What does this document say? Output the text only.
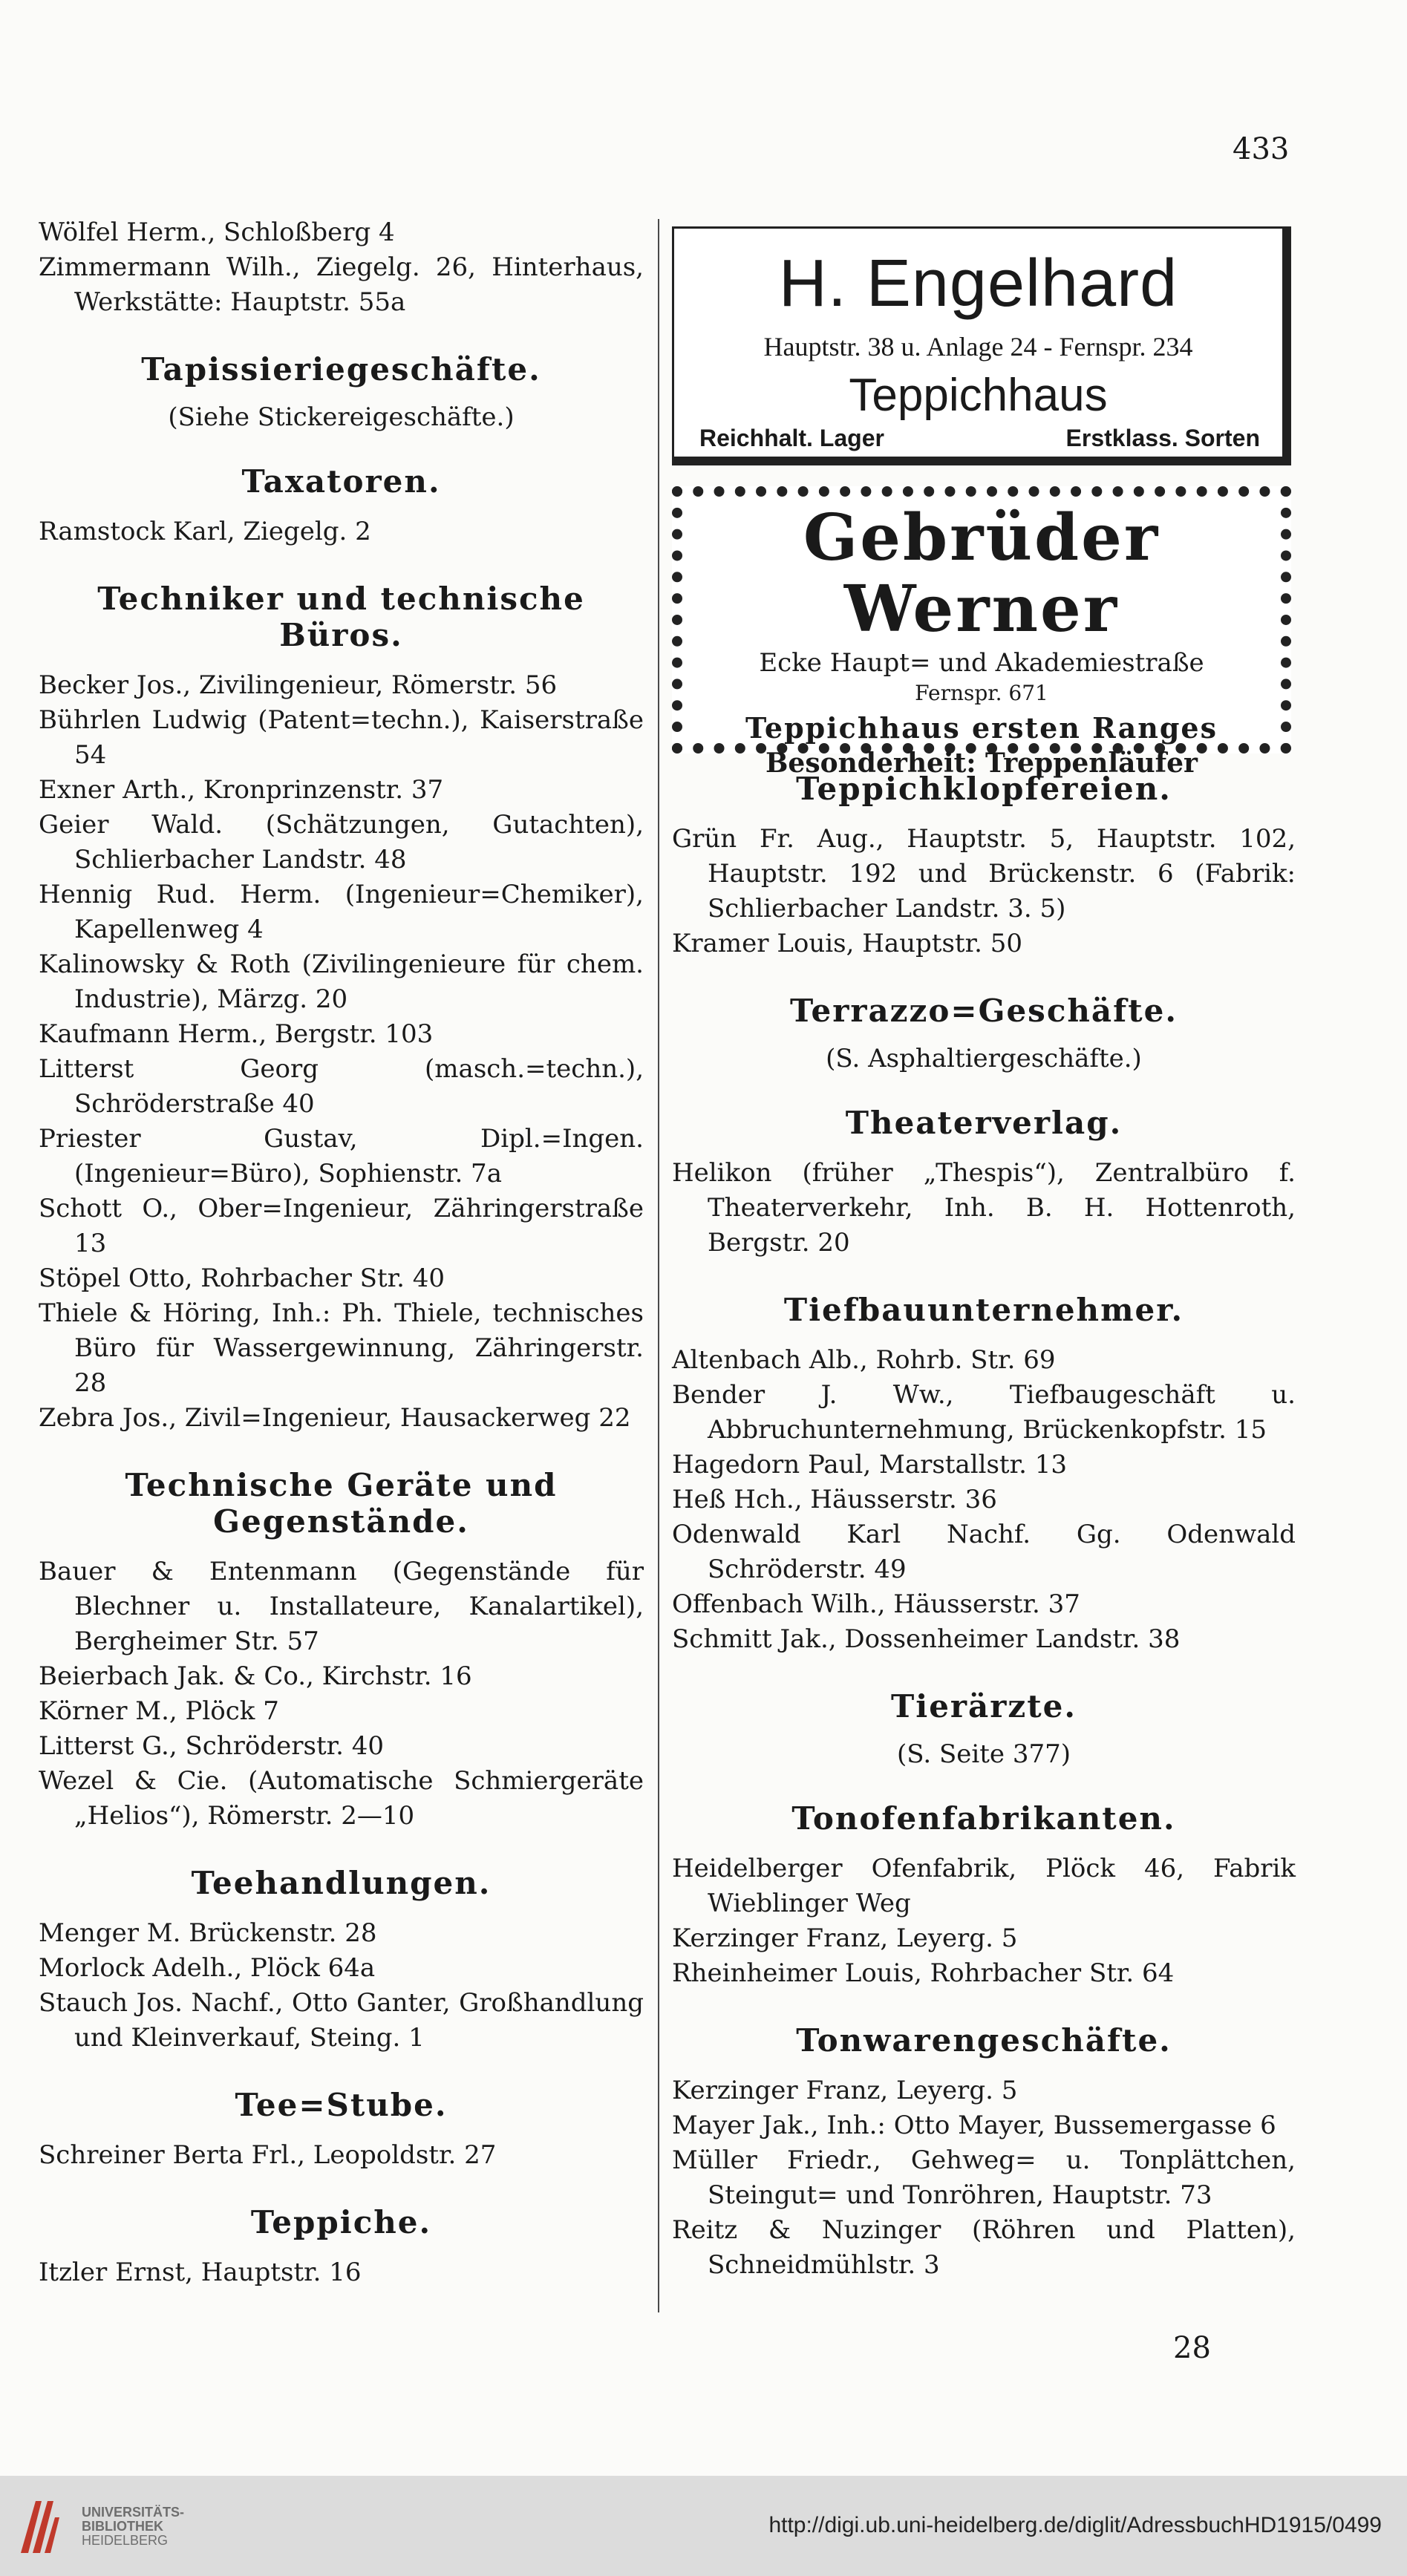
433

Wölfel Herm., Schloßberg 4

Zimmermann Wilh., Ziegelg. 26, Hinterhaus, Werkstätte: Hauptstr. 55a

Tapissieriegeschäfte.
(Siehe Stickereigeschäfte.)
Taxatoren.

Ramstock Karl, Ziegelg. 2

Techniker und technische Büros.

Becker Jos., Zivilingenieur, Römerstr. 56

Bührlen Ludwig (Patent=techn.), Kaiserstraße 54

Exner Arth., Kronprinzenstr. 37

Geier Wald. (Schätzungen, Gutachten), Schlierbacher Landstr. 48

Hennig Rud. Herm. (Ingenieur=Chemiker), Kapellenweg 4

Kalinowsky & Roth (Zivilingenieure für chem. Industrie), Märzg. 20

Kaufmann Herm., Bergstr. 103

Litterst Georg (masch.=techn.), Schröderstraße 40

Priester Gustav, Dipl.=Ingen. (Ingenieur=Büro), Sophienstr. 7a

Schott O., Ober=Ingenieur, Zähringerstraße 13

Stöpel Otto, Rohrbacher Str. 40

Thiele & Höring, Inh.: Ph. Thiele, technisches Büro für Wassergewinnung, Zähringerstr. 28

Zebra Jos., Zivil=Ingenieur, Hausackerweg 22

Technische Geräte und Gegenstände.

Bauer & Entenmann (Gegenstände für Blechner u. Installateure, Kanalartikel), Bergheimer Str. 57

Beierbach Jak. & Co., Kirchstr. 16

Körner M., Plöck 7

Litterst G., Schröderstr. 40

Wezel & Cie. (Automatische Schmiergeräte „Helios“), Römerstr. 2—10

Teehandlungen.

Menger M. Brückenstr. 28

Morlock Adelh., Plöck 64a

Stauch Jos. Nachf., Otto Ganter, Großhandlung und Kleinverkauf, Steing. 1

Tee=Stube.

Schreiner Berta Frl., Leopoldstr. 27

Teppiche.

Itzler Ernst, Hauptstr. 16

H. Engelhard
Hauptstr. 38 u. Anlage 24 - Fernspr. 234
Teppichhaus
Reichhalt. Lager	Erstklass. Sorten
Gebrüder Werner
Ecke Haupt= und Akademiestraße
Fernspr. 671
Teppichhaus ersten Ranges
Besonderheit: Treppenläufer
Teppichklopfereien.

Grün Fr. Aug., Hauptstr. 5, Hauptstr. 102, Hauptstr. 192 und Brückenstr. 6 (Fabrik: Schlierbacher Landstr. 3. 5)

Kramer Louis, Hauptstr. 50

Terrazzo=Geschäfte.
(S. Asphaltiergeschäfte.)
Theaterverlag.

Helikon (früher „Thespis“), Zentralbüro f. Theaterverkehr, Inh. B. H. Hottenroth, Bergstr. 20

Tiefbauunternehmer.

Altenbach Alb., Rohrb. Str. 69

Bender J. Ww., Tiefbaugeschäft u. Abbruchunternehmung, Brückenkopfstr. 15

Hagedorn Paul, Marstallstr. 13

Heß Hch., Häusserstr. 36

Odenwald Karl Nachf. Gg. Odenwald Schröderstr. 49

Offenbach Wilh., Häusserstr. 37

Schmitt Jak., Dossenheimer Landstr. 38

Tierärzte.
(S. Seite 377)
Tonofenfabrikanten.

Heidelberger Ofenfabrik, Plöck 46, Fabrik Wieblinger Weg

Kerzinger Franz, Leyerg. 5

Rheinheimer Louis, Rohrbacher Str. 64

Tonwarengeschäfte.

Kerzinger Franz, Leyerg. 5

Mayer Jak., Inh.: Otto Mayer, Bussemergasse 6

Müller Friedr., Gehweg= u. Tonplättchen, Steingut= und Tonröhren, Hauptstr. 73

Reitz & Nuzinger (Röhren und Platten), Schneidmühlstr. 3

28
UNIVERSITÄTS-
BIBLIOTHEK
HEIDELBERG
http://digi.ub.uni-heidelberg.de/diglit/AdressbuchHD1915/0499
